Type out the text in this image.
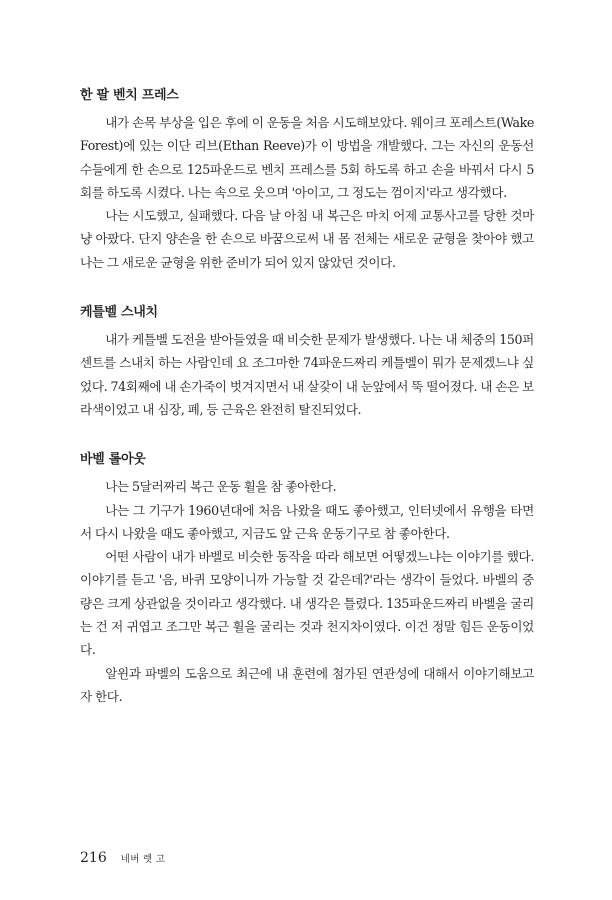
한 팔 벤치 프레스

내가 손목 부상을 입은 후에 이 운동을 처음 시도해보았다. 웨이크 포레스트(Wake Forest)에 있는 이단 리브(Ethan Reeve)가 이 방법을 개발했다. 그는 자신의 운동선수들에게 한 손으로 125파운드로 벤치 프레스를 5회 하도록 하고 손을 바꿔서 다시 5회를 하도록 시켰다. 나는 속으로 웃으며 '아이고, 그 정도는 껌이지'라고 생각했다.

나는 시도했고, 실패했다. 다음 날 아침 내 복근은 마치 어제 교통사고를 당한 것마냥 아팠다. 단지 양손을 한 손으로 바꿈으로써 내 몸 전체는 새로운 균형을 찾아야 했고 나는 그 새로운 균형을 위한 준비가 되어 있지 않았던 것이다.

케틀벨 스내치

내가 케틀벨 도전을 받아들였을 때 비슷한 문제가 발생했다. 나는 내 체중의 150퍼센트를 스내치 하는 사람인데 요 조그마한 74파운드짜리 케틀벨이 뭐가 문제겠느냐 싶었다. 74회째에 내 손가죽이 벗겨지면서 내 살갗이 내 눈앞에서 뚝 떨어졌다. 내 손은 보라색이었고 내 심장, 폐, 등 근육은 완전히 탈진되었다.

바벨 롤아웃

나는 5달러짜리 복근 운동 휠을 참 좋아한다.

나는 그 기구가 1960년대에 처음 나왔을 때도 좋아했고, 인터넷에서 유행을 타면서 다시 나왔을 때도 좋아했고, 지금도 앞 근육 운동기구로 참 좋아한다.

어떤 사람이 내가 바벨로 비슷한 동작을 따라 해보면 어떻겠느냐는 이야기를 했다. 이야기를 듣고 '음, 바퀴 모양이니까 가능할 것 같은데?'라는 생각이 들었다. 바벨의 중량은 크게 상관없을 것이라고 생각했다. 내 생각은 틀렸다. 135파운드짜리 바벨을 굴리는 건 저 귀엽고 조그만 복근 휠을 굴리는 것과 천지차이였다. 이건 정말 힘든 운동이었다.

알윈과 파벨의 도움으로 최근에 내 훈련에 첨가된 연관성에 대해서 이야기해보고자 한다.

216 네버 렛 고
